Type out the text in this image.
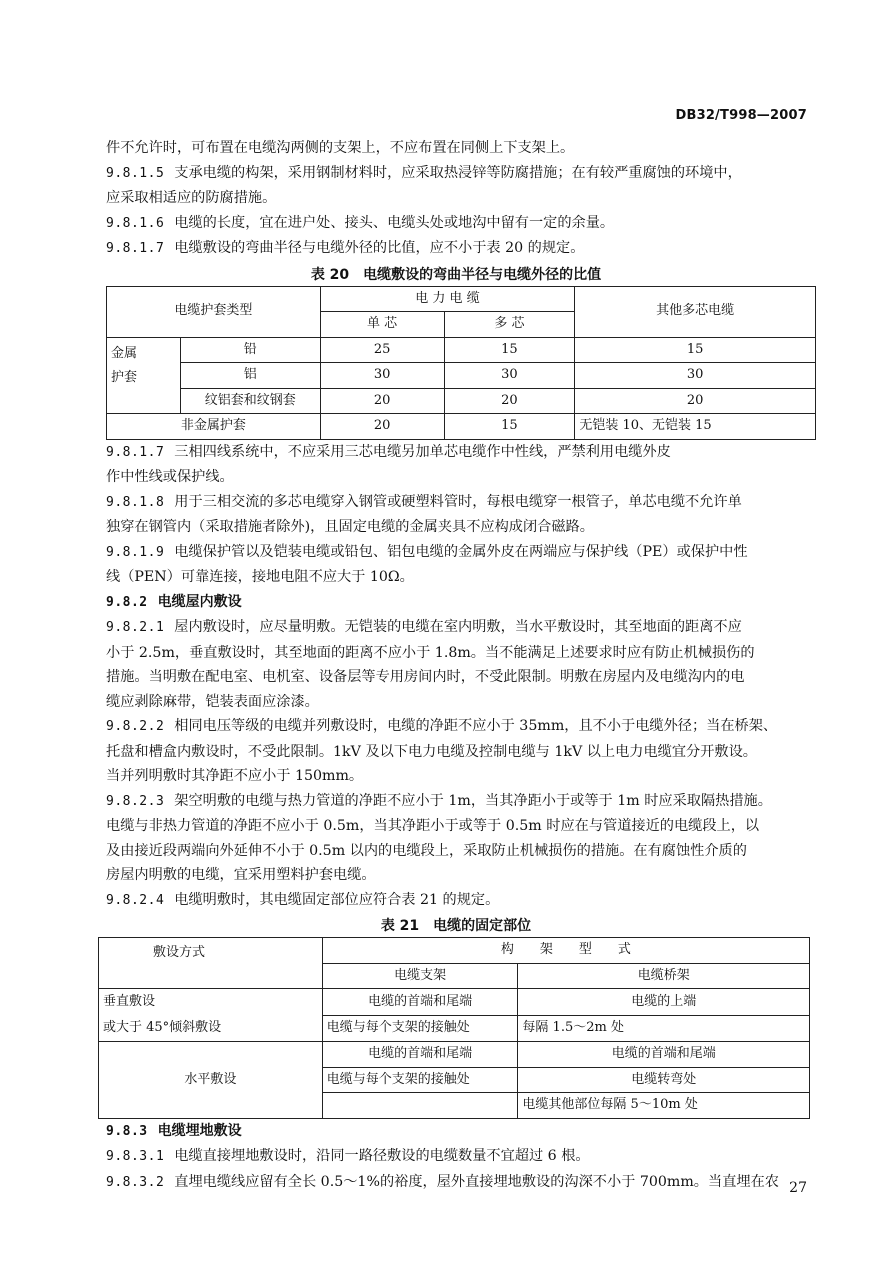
DB32/T998—2007

件不允许时，可布置在电缆沟两侧的支架上，不应布置在同侧上下支架上。

9.8.1.5 支承电缆的构架，采用钢制材料时，应采取热浸锌等防腐措施；在有较严重腐蚀的环境中，

应采取相适应的防腐措施。

9.8.1.6 电缆的长度，宜在进户处、接头、电缆头处或地沟中留有一定的余量。

9.8.1.7 电缆敷设的弯曲半径与电缆外径的比值，应不小于表 20 的规定。

表 20　电缆敷设的弯曲半径与电缆外径的比值
电缆护套类型		电 力 电 缆		其他多芯电缆
		单 芯	多 芯	
金属
护套	铅	25	15	15
	铝	30	30	30
	纹铝套和纹钢套	20	20	20
非金属护套		20	15	无铠装 10、无铠装 15

9.8.1.7 三相四线系统中，不应采用三芯电缆另加单芯电缆作中性线，严禁利用电缆外皮

作中性线或保护线。

9.8.1.8 用于三相交流的多芯电缆穿入钢管或硬塑料管时，每根电缆穿一根管子，单芯电缆不允许单

独穿在钢管内（采取措施者除外)，且固定电缆的金属夹具不应构成闭合磁路。

9.8.1.9 电缆保护管以及铠装电缆或铅包、铝包电缆的金属外皮在两端应与保护线（PE）或保护中性

线（PEN）可靠连接，接地电阻不应大于 10Ω。

9.8.2 电缆屋内敷设

9.8.2.1 屋内敷设时，应尽量明敷。无铠装的电缆在室内明敷，当水平敷设时，其至地面的距离不应

小于 2.5m，垂直敷设时，其至地面的距离不应小于 1.8m。当不能满足上述要求时应有防止机械损伤的

措施。当明敷在配电室、电机室、设备层等专用房间内时，不受此限制。明敷在房屋内及电缆沟内的电

缆应剥除麻带，铠装表面应涂漆。

9.8.2.2 相同电压等级的电缆并列敷设时，电缆的净距不应小于 35mm，且不小于电缆外径；当在桥架、

托盘和槽盒内敷设时，不受此限制。1kV 及以下电力电缆及控制电缆与 1kV 以上电力电缆宜分开敷设。

当并列明敷时其净距不应小于 150mm。

9.8.2.3 架空明敷的电缆与热力管道的净距不应小于 1m，当其净距小于或等于 1m 时应采取隔热措施。

电缆与非热力管道的净距不应小于 0.5m，当其净距小于或等于 0.5m 时应在与管道接近的电缆段上，以

及由接近段两端向外延伸不小于 0.5m 以内的电缆段上，采取防止机械损伤的措施。在有腐蚀性介质的

房屋内明敷的电缆，宜采用塑料护套电缆。

9.8.2.4 电缆明敷时，其电缆固定部位应符合表 21 的规定。

表 21　电缆的固定部位
敷设方式	构　　架　　型　　式	
	电缆支架	电缆桥架
垂直敷设
或大于 45°倾斜敷设	电缆的首端和尾端	电缆的上端
	电缆与每个支架的接触处	每隔 1.5～2m 处
水平敷设	电缆的首端和尾端	电缆的首端和尾端
	电缆与每个支架的接触处	电缆转弯处
		电缆其他部位每隔 5～10m 处

9.8.3 电缆埋地敷设

9.8.3.1 电缆直接埋地敷设时，沿同一路径敷设的电缆数量不宜超过 6 根。

9.8.3.2 直埋电缆线应留有全长 0.5～1%的裕度，屋外直接埋地敷设的沟深不小于 700mm。当直埋在农 27
